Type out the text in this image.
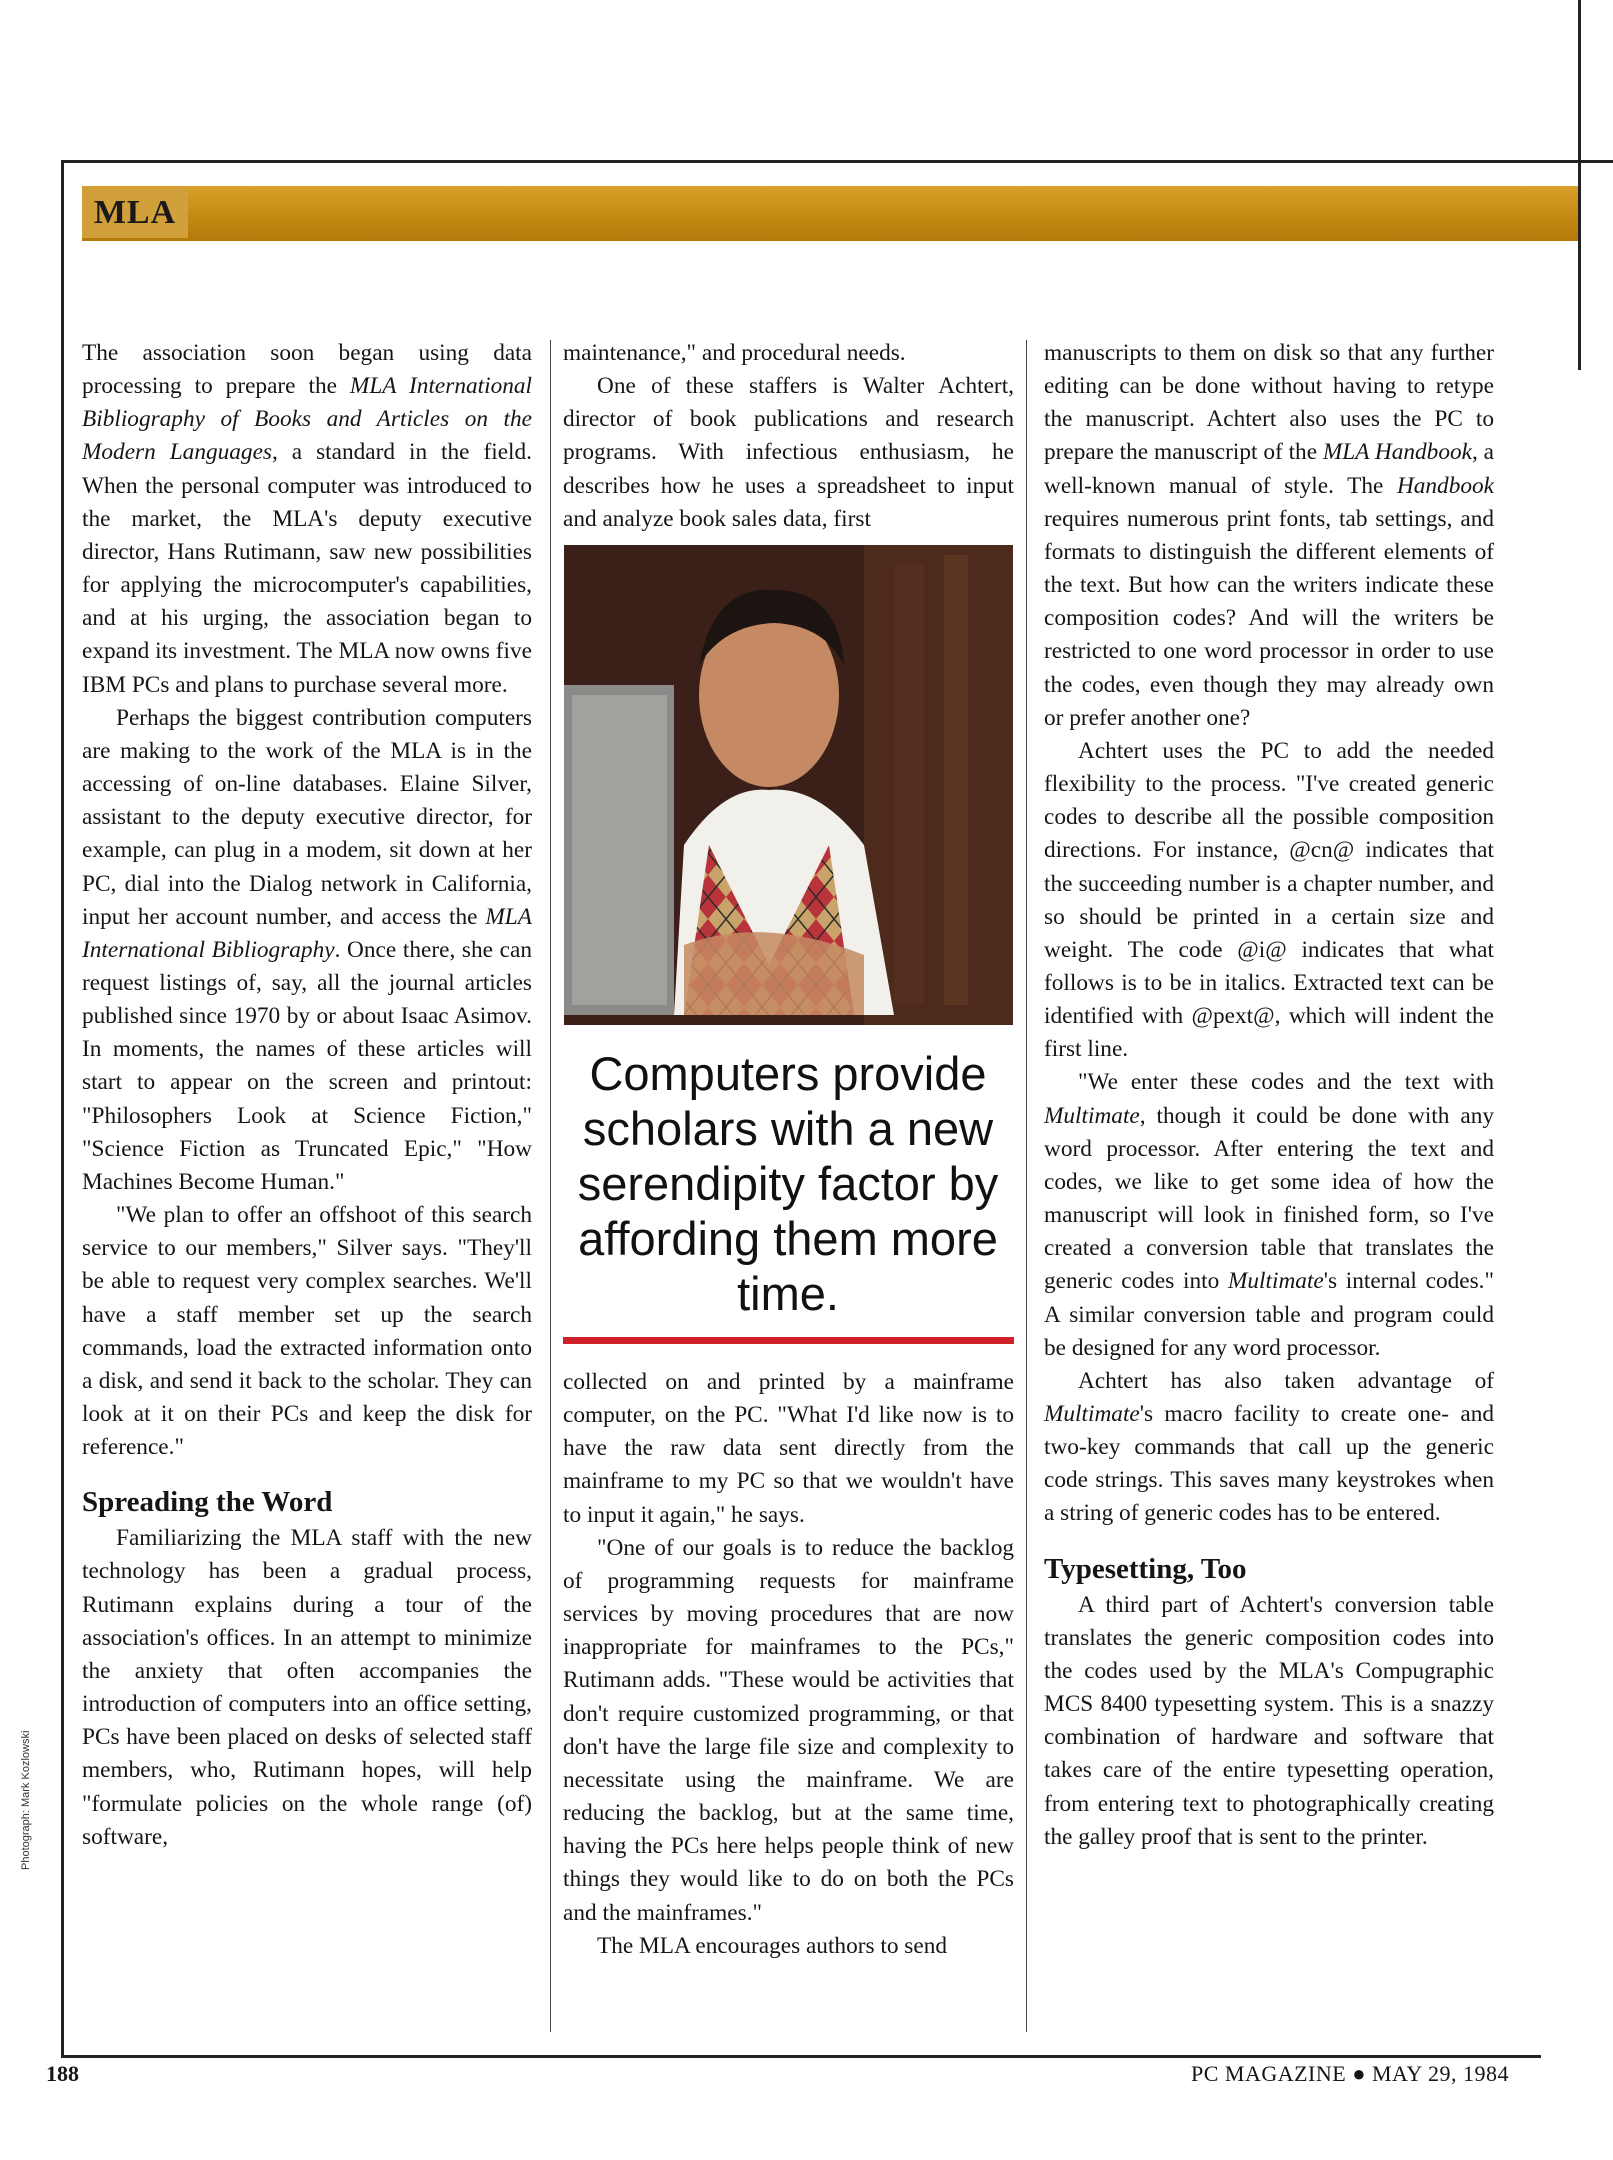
MLA

The association soon began using data processing to prepare the MLA International Bibliography of Books and Articles on the Modern Languages, a standard in the field. When the personal computer was introduced to the market, the MLA's deputy executive director, Hans Rutimann, saw new possibilities for applying the microcomputer's capabilities, and at his urging, the association began to expand its investment. The MLA now owns five IBM PCs and plans to purchase several more.

Perhaps the biggest contribution computers are making to the work of the MLA is in the accessing of on-line databases. Elaine Silver, assistant to the deputy executive director, for example, can plug in a modem, sit down at her PC, dial into the Dialog network in California, input her account number, and access the MLA International Bibliography. Once there, she can request listings of, say, all the journal articles published since 1970 by or about Isaac Asimov. In moments, the names of these articles will start to appear on the screen and printout: "Philosophers Look at Science Fiction," "Science Fiction as Truncated Epic," "How Machines Become Human."

"We plan to offer an offshoot of this search service to our members," Silver says. "They'll be able to request very complex searches. We'll have a staff member set up the search commands, load the extracted information onto a disk, and send it back to the scholar. They can look at it on their PCs and keep the disk for reference."

Spreading the Word

Familiarizing the MLA staff with the new technology has been a gradual process, Rutimann explains during a tour of the association's offices. In an attempt to minimize the anxiety that often accompanies the introduction of computers into an office setting, PCs have been placed on desks of selected staff members, who, Rutimann hopes, will help "formulate policies on the whole range (of) software,

maintenance," and procedural needs.

One of these staffers is Walter Achtert, director of book publications and research programs. With infectious enthusiasm, he describes how he uses a spreadsheet to input and analyze book sales data, first

Computers provide scholars with a new serendipity factor by affording them more time.

collected on and printed by a mainframe computer, on the PC. "What I'd like now is to have the raw data sent directly from the mainframe to my PC so that we wouldn't have to input it again," he says.

"One of our goals is to reduce the backlog of programming requests for mainframe services by moving procedures that are now inappropriate for mainframes to the PCs," Rutimann adds. "These would be activities that don't require customized programming, or that don't have the large file size and complexity to necessitate using the mainframe. We are reducing the backlog, but at the same time, having the PCs here helps people think of new things they would like to do on both the PCs and the mainframes."

The MLA encourages authors to send

manuscripts to them on disk so that any further editing can be done without having to retype the manuscript. Achtert also uses the PC to prepare the manuscript of the MLA Handbook, a well-known manual of style. The Handbook requires numerous print fonts, tab settings, and formats to distinguish the different elements of the text. But how can the writers indicate these composition codes? And will the writers be restricted to one word processor in order to use the codes, even though they may already own or prefer another one?

Achtert uses the PC to add the needed flexibility to the process. "I've created generic codes to describe all the possible composition directions. For instance, @cn@ indicates that the succeeding number is a chapter number, and so should be printed in a certain size and weight. The code @i@ indicates that what follows is to be in italics. Extracted text can be identified with @pext@, which will indent the first line.

"We enter these codes and the text with Multimate, though it could be done with any word processor. After entering the text and codes, we like to get some idea of how the manuscript will look in finished form, so I've created a conversion table that translates the generic codes into Multimate's internal codes." A similar conversion table and program could be designed for any word processor.

Achtert has also taken advantage of Multimate's macro facility to create one- and two-key commands that call up the generic code strings. This saves many keystrokes when a string of generic codes has to be entered.

Typesetting, Too

A third part of Achtert's conversion table translates the generic composition codes into the codes used by the MLA's Compugraphic MCS 8400 typesetting system. This is a snazzy combination of hardware and software that takes care of the entire typesetting operation, from entering text to photographically creating the galley proof that is sent to the printer.

Photograph: Mark Kozlowski
188	PC MAGAZINE ● MAY 29, 1984
